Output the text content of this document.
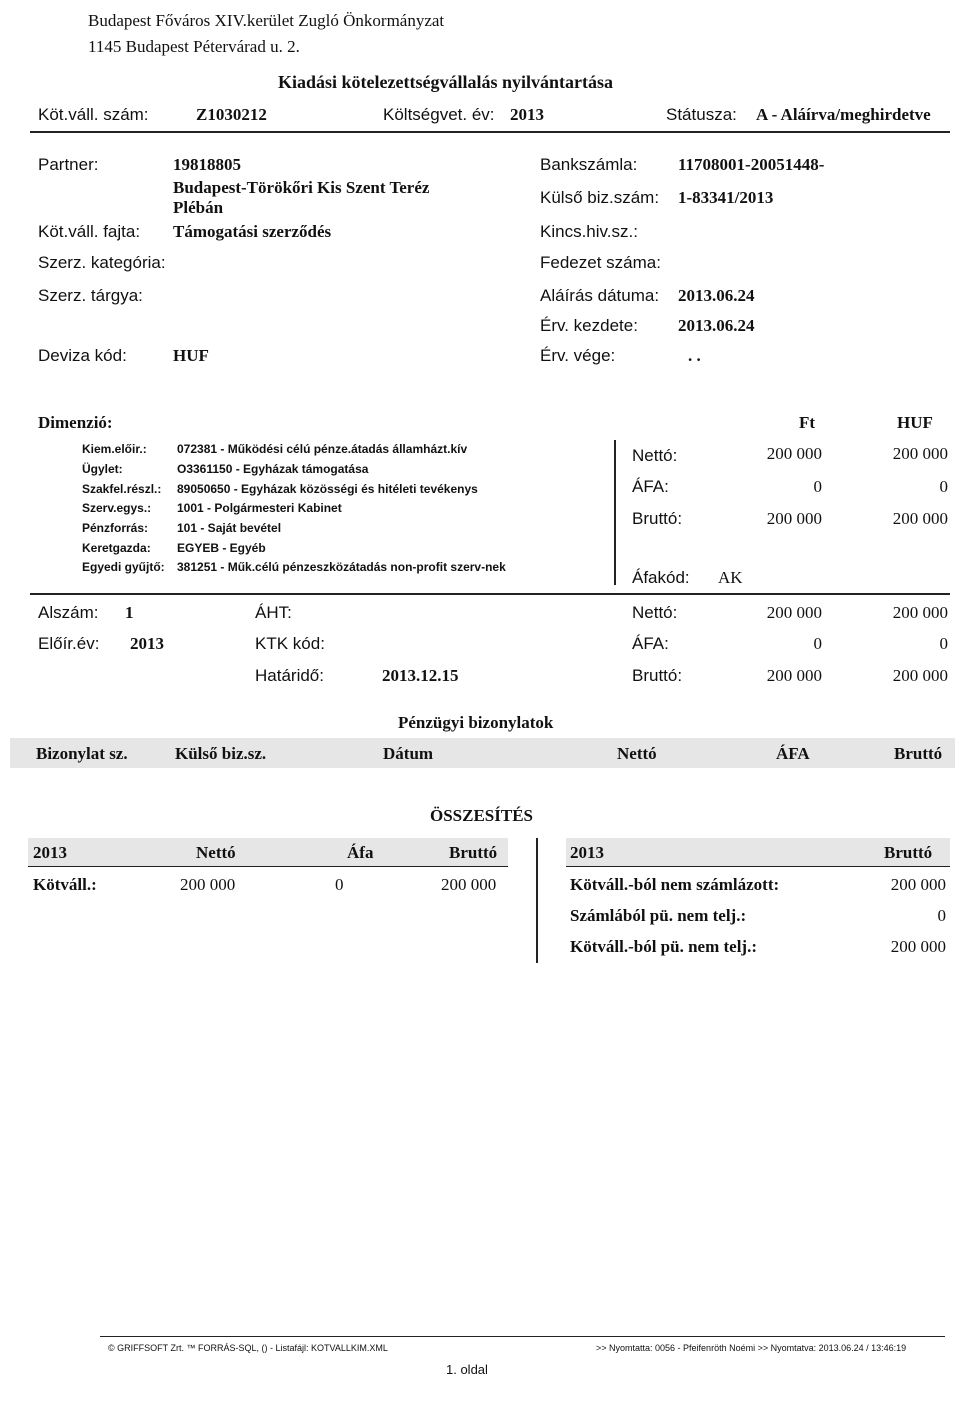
Budapest Főváros XIV.kerület Zugló Önkormányzat
1145 Budapest Pétervárad u. 2.
Kiadási kötelezettségvállalás nyilvántartása
Köt.váll. szám:	Z1030212	Költségvet. év: 2013	Státusza: A - Aláírva/meghirdetve
Partner:	19818805
Budapest-Törökőri Kis Szent Teréz
Plébán
Köt.váll. fajta: Támogatási szerződés
Szerz. kategória:
Szerz. tárgya:
Deviza kód:	HUF
Bankszámla: 11708001-20051448-
Külső biz.szám: 1-83341/2013
Kincs.hiv.sz.:
Fedezet száma:
Aláírás dátuma: 2013.06.24
Érv. kezdete: 2013.06.24
Érv. vége:	. .
Dimenzió:	Ft	HUF
Kiem.előir.:	072381 - Működési célú pénze.átadás államházt.kív
Ügylet:	O3361150 - Egyházak támogatása
Szakfel.részl.: 89050650 - Egyházak közösségi és hitéleti tevékenys
Szerv.egys.: 1001 - Polgármesteri Kabinet
Pénzforrás: 101 - Saját bevétel
Keretgazda: EGYEB - Egyéb
Egyedi gyűjtő: 381251 - Műk.célú pénzeszközátadás non-profit szerv-nek
Nettó:	200 000	200 000
ÁFA:	0	0
Bruttó:	200 000	200 000
Áfakód: AK
Alszám: 1
Előír.év: 2013
ÁHT:
KTK kód:
Határidő:	2013.12.15
Nettó:	200 000	200 000
ÁFA:	0	0
Bruttó:	200 000	200 000
Pénzügyi bizonylatok
Bizonylat sz.	Külső biz.sz.	Dátum	Nettó	ÁFA	Bruttó
ÖSSZESÍTÉS
2013	Nettó	Áfa	Bruttó
Kötváll.:	200 000	0	200 000
2013	Bruttó
Kötváll.-ból nem számlázott:	200 000
Számlából pü. nem telj.:	0
Kötváll.-ból pü. nem telj.:	200 000
© GRIFFSOFT Zrt. ™ FORRÁS-SQL, () - Listafájl: KOTVALLKIM.XML	>> Nyomtatta: 0056 - Pfeifenröth Noémi >> Nyomtatva: 2013.06.24 / 13:46:19
1. oldal
